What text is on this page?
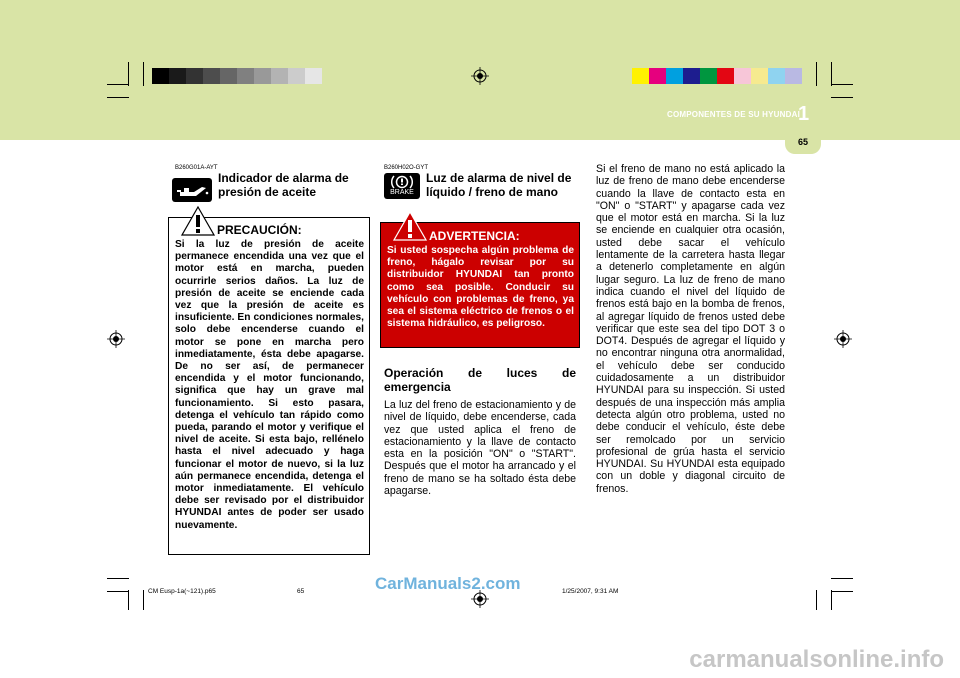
COMPONENTES DE SU HYUNDAI
1
65
B260G01A-AYT
Indicador de alarma de presión de aceite
PRECAUCIÓN:
Si la luz de presión de aceite permanece encendida una vez que el motor está en marcha, pueden ocurrirle serios daños. La luz de presión de aceite se enciende cada vez que la presión de aceite es insuficiente. En condiciones normales, solo debe encenderse cuando el motor se pone en marcha pero inmediatamente, ésta debe apagarse. De no ser así, de permanecer encendida y el motor funcionando, significa que hay un grave mal funcionamiento. Si esto pasara, detenga el vehículo tan rápido como pueda, parando el motor y verifique el nivel de aceite. Si esta bajo, rellénelo hasta el nivel adecuado y haga funcionar el motor de nuevo, si la luz aún permanece encendida, detenga el motor inmediatamente. El vehículo debe ser revisado por el distribuidor HYUNDAI antes de poder ser usado nuevamente.
B260H02O-GYT
BRAKE
Luz de alarma de nivel de líquido / freno de mano
ADVERTENCIA:
Si usted sospecha algún problema de freno, hágalo revisar por su distribuidor HYUNDAI tan pronto como sea posible. Conducir su vehículo con problemas de freno, ya sea el sistema eléctrico de frenos o el sistema hidráulico, es peligroso.
Operación de luces de emergencia
La luz del freno de estacionamiento y de nivel de líquido, debe encenderse, cada vez que usted aplica el freno de estacionamiento y la llave de contacto esta en la posición "ON" o "START". Después que el motor ha arrancado y el freno de mano se ha soltado ésta debe apagarse.
Si el freno de mano no está aplicado la luz de freno de mano debe encenderse cuando la llave de contacto esta en "ON" o "START" y apagarse cada vez que el motor está en marcha. Si la luz se enciende en cualquier otra ocasión, usted debe sacar el vehículo lentamente de la carretera hasta llegar a detenerlo completamente en algún lugar seguro. La luz de freno de mano indica cuando el nivel del líquido de frenos está bajo en la bomba de frenos, al agregar líquido de frenos usted debe verificar que este sea del tipo DOT 3 o DOT4. Después de agregar el líquido y no encontrar ninguna otra anormalidad, el vehículo debe ser conducido cuidadosamente a un distribuidor HYUNDAI para su inspección. Si usted después de una inspección más amplia detecta algún otro problema, usted no debe conducir el vehículo, éste debe ser remolcado por un servicio profesional de grúa hasta el servicio HYUNDAI. Su HYUNDAI esta equipado con un doble y diagonal circuito de frenos.
CM Eusp-1a(~121).p65	65	1/25/2007, 9:31 AM
CarManuals2.com
carmanualsonline.info
